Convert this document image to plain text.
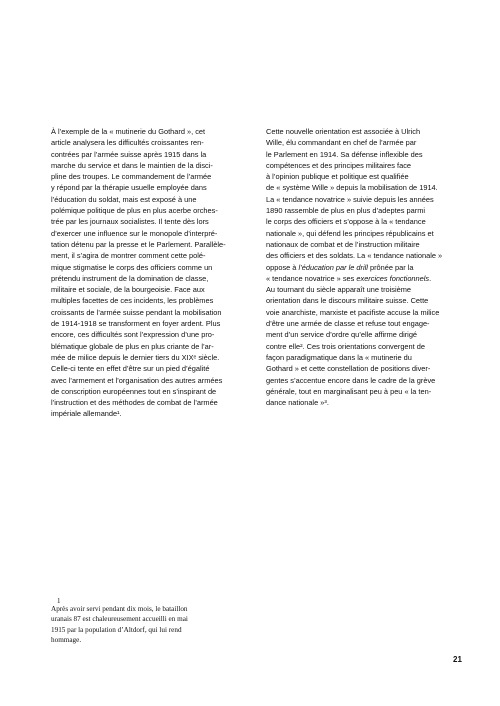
À l’exemple de la « mutinerie du Gothard », cet
article analysera les difficultés croissantes ren-
contrées par l’armée suisse après 1915 dans la
marche du service et dans le maintien de la disci-
pline des troupes. Le commandement de l’armée
y répond par la thérapie usuelle employée dans
l’éducation du soldat, mais est exposé à une
polémique politique de plus en plus acerbe orches-
trée par les journaux socialistes. Il tente dès lors
d’exercer une influence sur le monopole d’interpré-
tation détenu par la presse et le Parlement. Parallèle-
ment, il s’agira de montrer comment cette polé-
mique stigmatise le corps des officiers comme un
prétendu instrument de la domination de classe,
militaire et sociale, de la bourgeoisie. Face aux
multiples facettes de ces incidents, les problèmes
croissants de l’armée suisse pendant la mobilisation
de 1914-1918 se transforment en foyer ardent. Plus
encore, ces difficultés sont l’expression d’une pro-
blématique globale de plus en plus criante de l’ar-
mée de milice depuis le dernier tiers du XIXᵉ siècle.
Celle-ci tente en effet d’être sur un pied d’égalité
avec l’armement et l’organisation des autres armées
de conscription européennes tout en s’inspirant de
l’instruction et des méthodes de combat de l’armée
impériale allemande¹.
Cette nouvelle orientation est associée à Ulrich
Wille, élu commandant en chef de l’armée par
le Parlement en 1914. Sa défense inflexible des
compétences et des principes militaires face
à l’opinion publique et politique est qualifiée
de « système Wille » depuis la mobilisation de 1914.
La « tendance novatrice » suivie depuis les années
1890 rassemble de plus en plus d’adeptes parmi
le corps des officiers et s’oppose à la « tendance
nationale », qui défend les principes républicains et
nationaux de combat et de l’instruction militaire
des officiers et des soldats. La « tendance nationale »
oppose à l’éducation par le drill prônée par la
« tendance novatrice » ses exercices fonctionnels.
Au tournant du siècle apparaît une troisième
orientation dans le discours militaire suisse. Cette
voie anarchiste, marxiste et pacifiste accuse la milice
d’être une armée de classe et refuse tout engage-
ment d’un service d’ordre qu’elle affirme dirigé
contre elle². Ces trois orientations convergent de
façon paradigmatique dans la « mutinerie du
Gothard » et cette constellation de positions diver-
gentes s’accentue encore dans le cadre de la grève
générale, tout en marginalisant peu à peu « la ten-
dance nationale »³.
1
Après avoir servi pendant dix mois, le bataillon
uranais 87 est chaleureusement accueilli en mai
1915 par la population d’Altdorf, qui lui rend
hommage.
21
